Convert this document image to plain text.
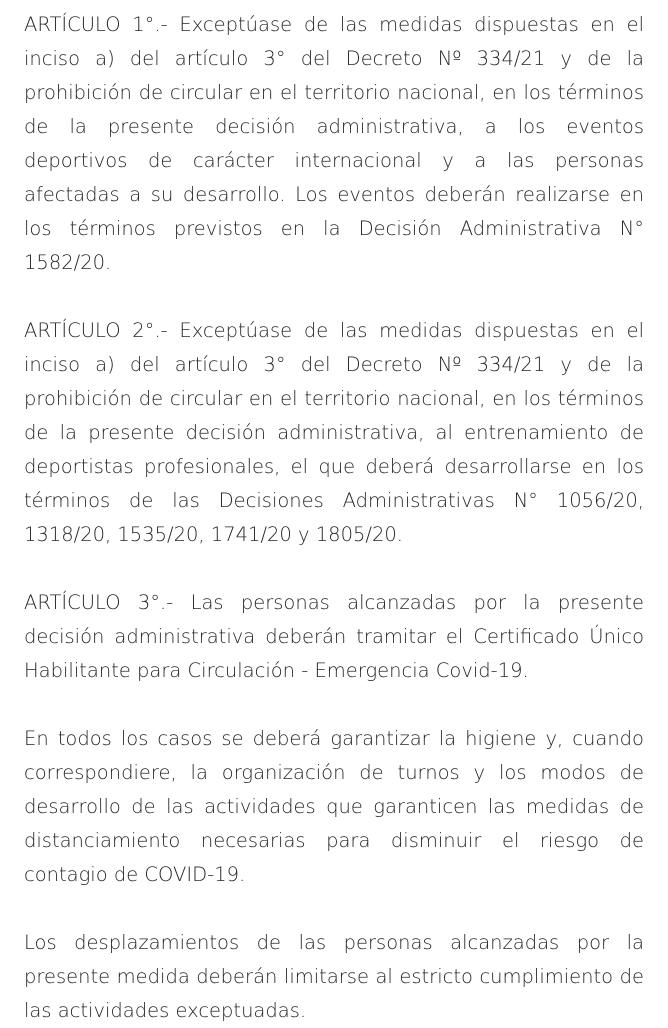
ARTÍCULO 1°.- Exceptúase de las medidas dispuestas en el inciso a) del artículo 3° del Decreto Nº 334/21 y de la prohibición de circular en el territorio nacional, en los términos de la presente decisión administrativa, a los eventos deportivos de carácter internacional y a las personas afectadas a su desarrollo. Los eventos deberán realizarse en los términos previstos en la Decisión Administrativa N° 1582/20.

ARTÍCULO 2°.- Exceptúase de las medidas dispuestas en el inciso a) del artículo 3° del Decreto Nº 334/21 y de la prohibición de circular en el territorio nacional, en los términos de la presente decisión administrativa, al entrenamiento de deportistas profesionales, el que deberá desarrollarse en los términos de las Decisiones Administrativas N° 1056/20, 1318/20, 1535/20, 1741/20 y 1805/20.

ARTÍCULO 3°.- Las personas alcanzadas por la presente decisión administrativa deberán tramitar el Certificado Único Habilitante para Circulación - Emergencia Covid-19.

En todos los casos se deberá garantizar la higiene y, cuando correspondiere, la organización de turnos y los modos de desarrollo de las actividades que garanticen las medidas de distanciamiento necesarias para disminuir el riesgo de contagio de COVID-19.

Los desplazamientos de las personas alcanzadas por la presente medida deberán limitarse al estricto cumplimiento de las actividades exceptuadas.
